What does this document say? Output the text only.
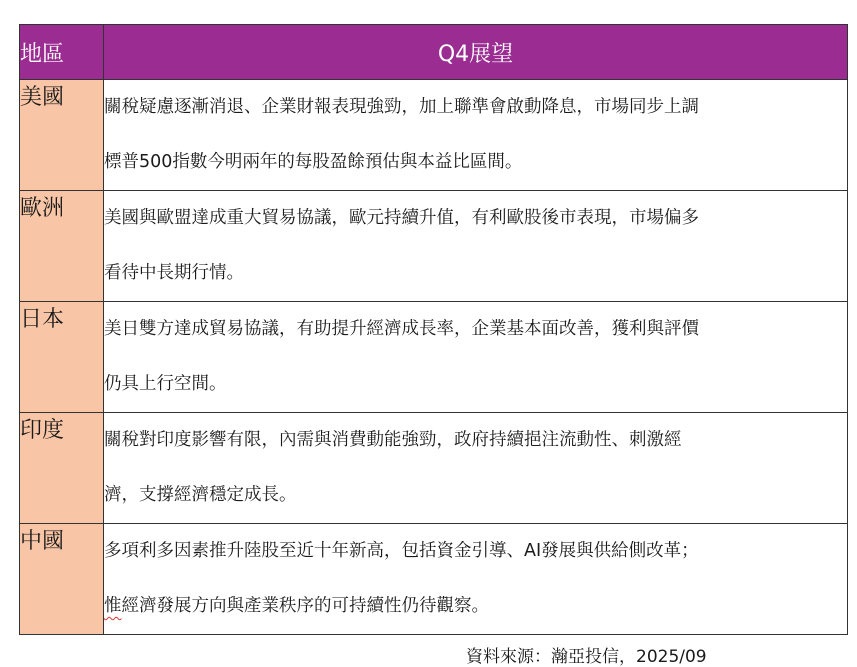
地區	Q4展望
美國	關稅疑慮逐漸消退、企業財報表現強勁，加上聯準會啟動降息，市場同步上調
標普500指數今明兩年的每股盈餘預估與本益比區間。
歐洲	美國與歐盟達成重大貿易協議，歐元持續升值，有利歐股後市表現，市場偏多
看待中長期行情。
日本	美日雙方達成貿易協議，有助提升經濟成長率，企業基本面改善，獲利與評價
仍具上行空間。
印度	關稅對印度影響有限，內需與消費動能強勁，政府持續挹注流動性、刺激經
濟，支撐經濟穩定成長。
中國	多項利多因素推升陸股至近十年新高，包括資金引導、AI發展與供給側改革；
惟經濟發展方向與產業秩序的可持續性仍待觀察。
資料來源：瀚亞投信，2025/09
